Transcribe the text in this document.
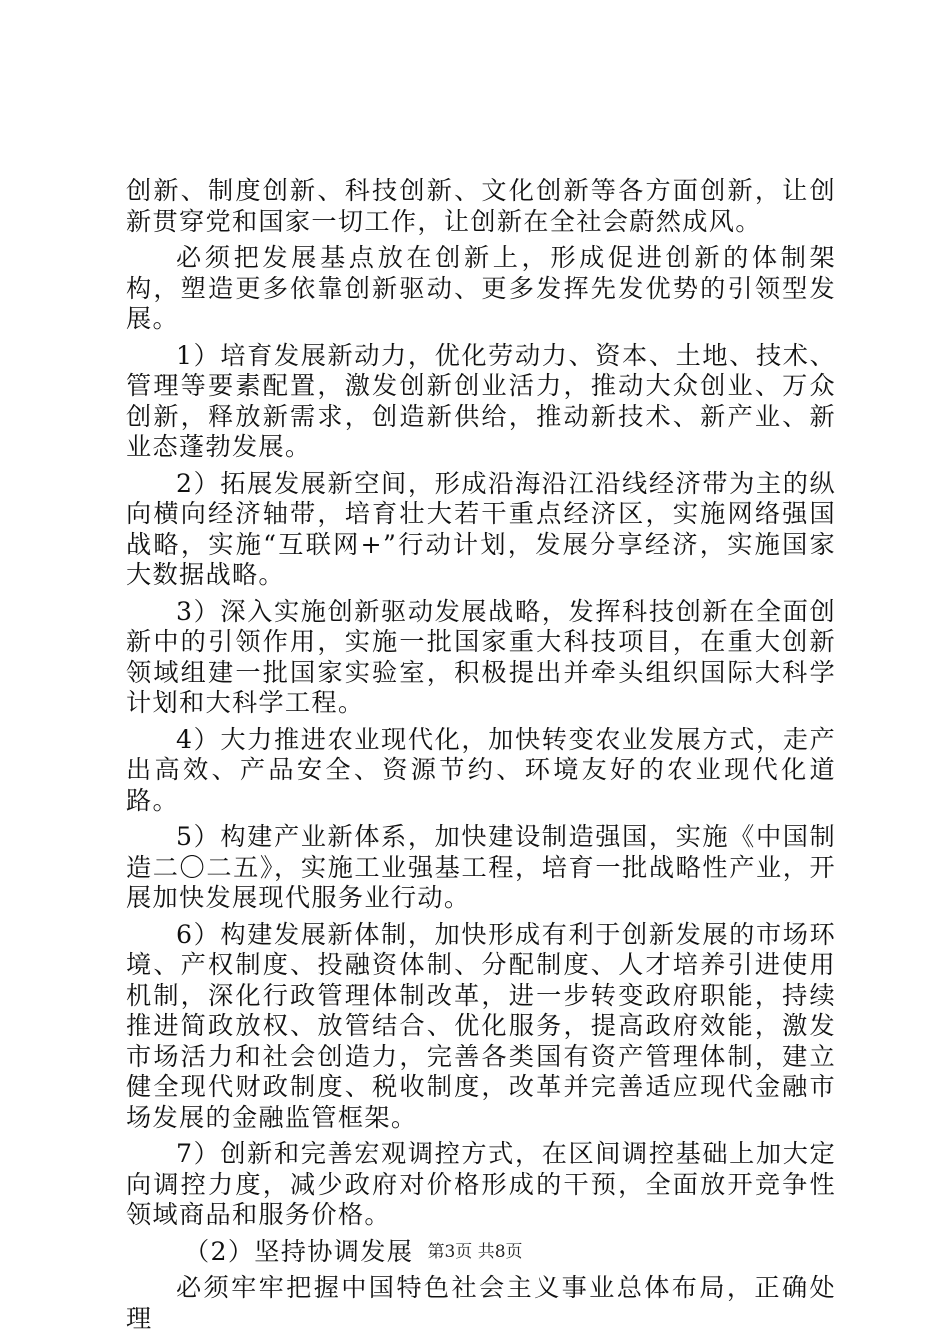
创新、制度创新、科技创新、文化创新等各方面创新，让创新贯穿党和国家一切工作，让创新在全社会蔚然成风。

必须把发展基点放在创新上，形成促进创新的体制架构，塑造更多依靠创新驱动、更多发挥先发优势的引领型发展。

1）培育发展新动力，优化劳动力、资本、土地、技术、管理等要素配置，激发创新创业活力，推动大众创业、万众创新，释放新需求，创造新供给，推动新技术、新产业、新业态蓬勃发展。

2）拓展发展新空间，形成沿海沿江沿线经济带为主的纵向横向经济轴带，培育壮大若干重点经济区，实施网络强国战略，实施“互联网+”行动计划，发展分享经济，实施国家大数据战略。

3）深入实施创新驱动发展战略，发挥科技创新在全面创新中的引领作用，实施一批国家重大科技项目，在重大创新领域组建一批国家实验室，积极提出并牵头组织国际大科学计划和大科学工程。

4）大力推进农业现代化，加快转变农业发展方式，走产出高效、产品安全、资源节约、环境友好的农业现代化道路。

5）构建产业新体系，加快建设制造强国，实施《中国制造二〇二五》，实施工业强基工程，培育一批战略性产业，开展加快发展现代服务业行动。

6）构建发展新体制，加快形成有利于创新发展的市场环境、产权制度、投融资体制、分配制度、人才培养引进使用机制，深化行政管理体制改革，进一步转变政府职能，持续推进简政放权、放管结合、优化服务，提高政府效能，激发市场活力和社会创造力，完善各类国有资产管理体制，建立健全现代财政制度、税收制度，改革并完善适应现代金融市场发展的金融监管框架。

7）创新和完善宏观调控方式，在区间调控基础上加大定向调控力度，减少政府对价格形成的干预，全面放开竞争性领域商品和服务价格。

（2）坚持协调发展

必须牢牢把握中国特色社会主义事业总体布局，正确处理

第3页 共8页
